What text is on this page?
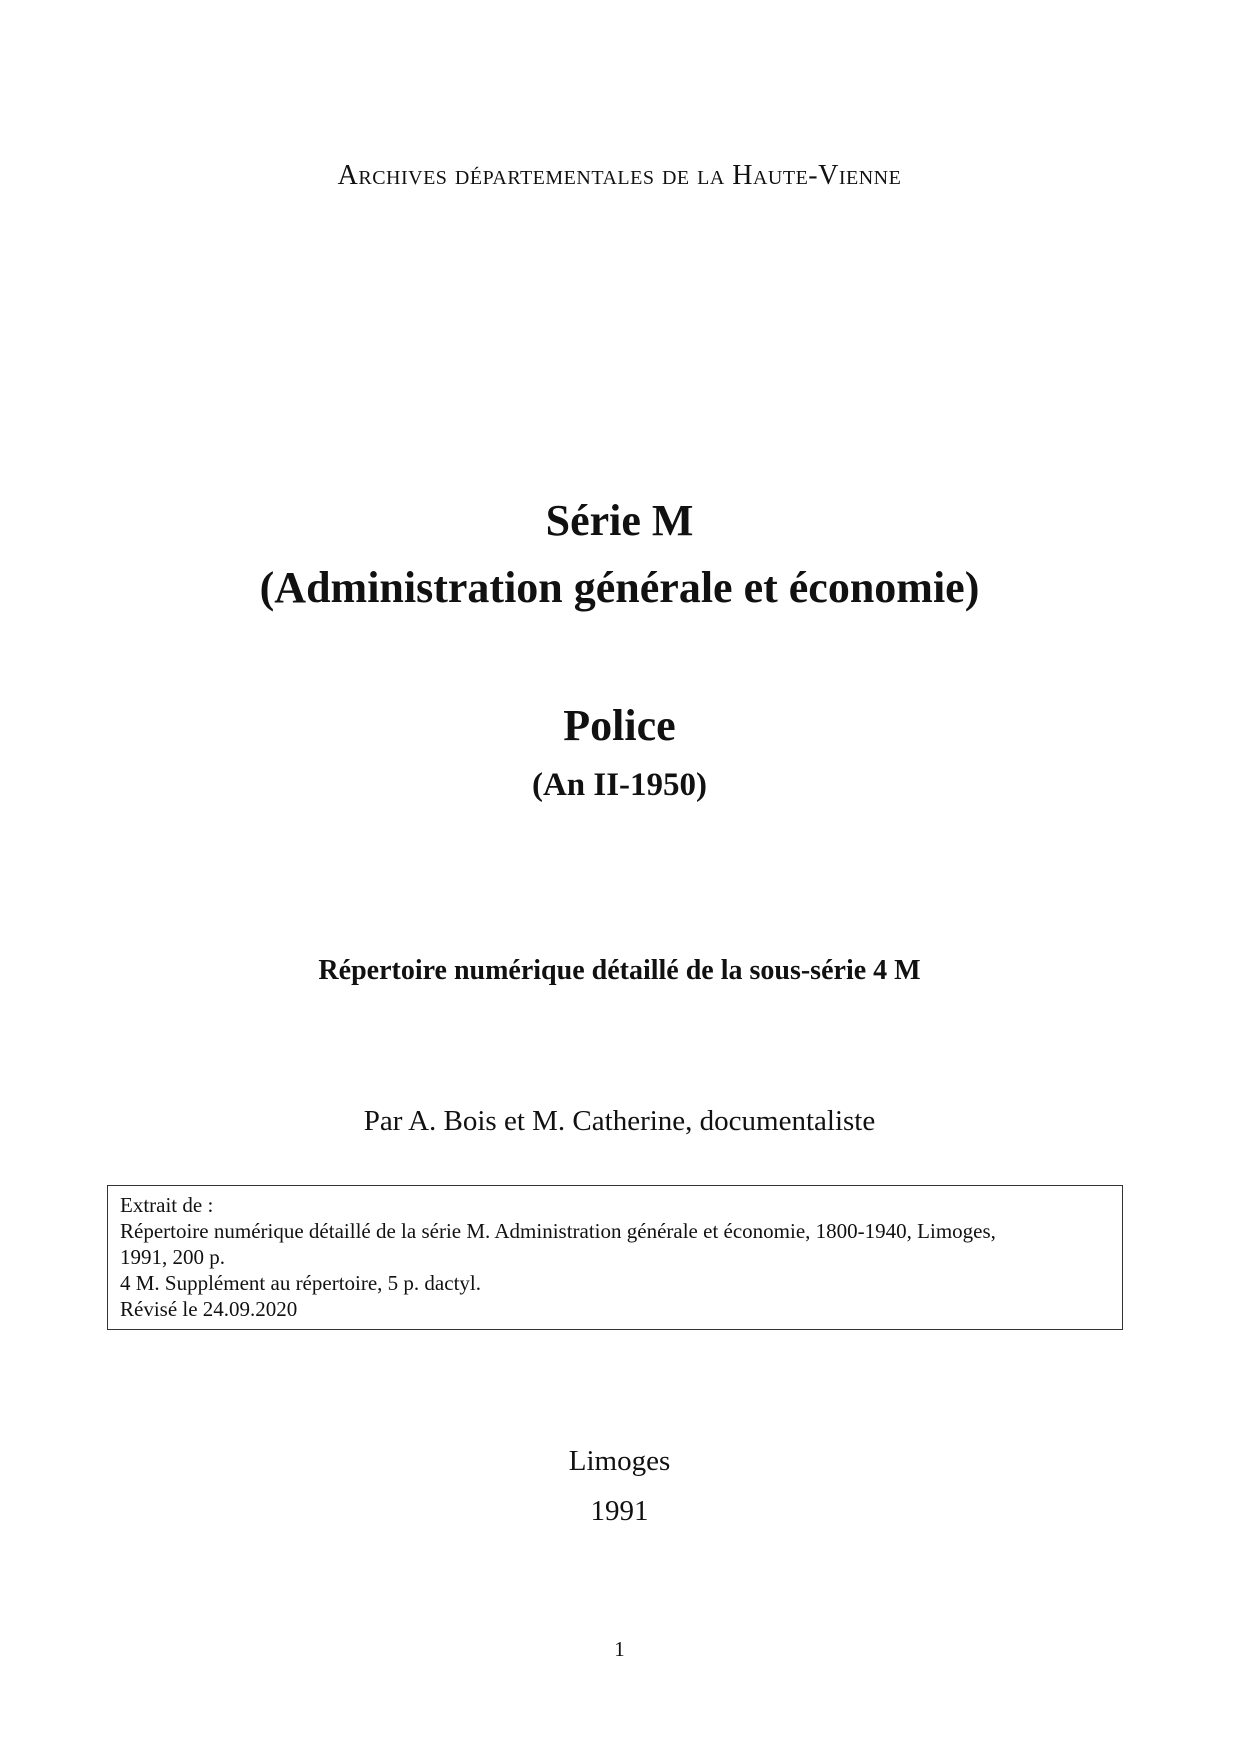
Archives départementales de la Haute-Vienne
Série M
(Administration générale et économie)
Police
(An II-1950)
Répertoire numérique détaillé de la sous-série 4 M
Par A. Bois et M. Catherine, documentaliste
Extrait de :
Répertoire numérique détaillé de la série M. Administration générale et économie, 1800-1940, Limoges,
1991, 200 p.
4 M. Supplément au répertoire, 5 p. dactyl.
Révisé le 24.09.2020
Limoges
1991
1
